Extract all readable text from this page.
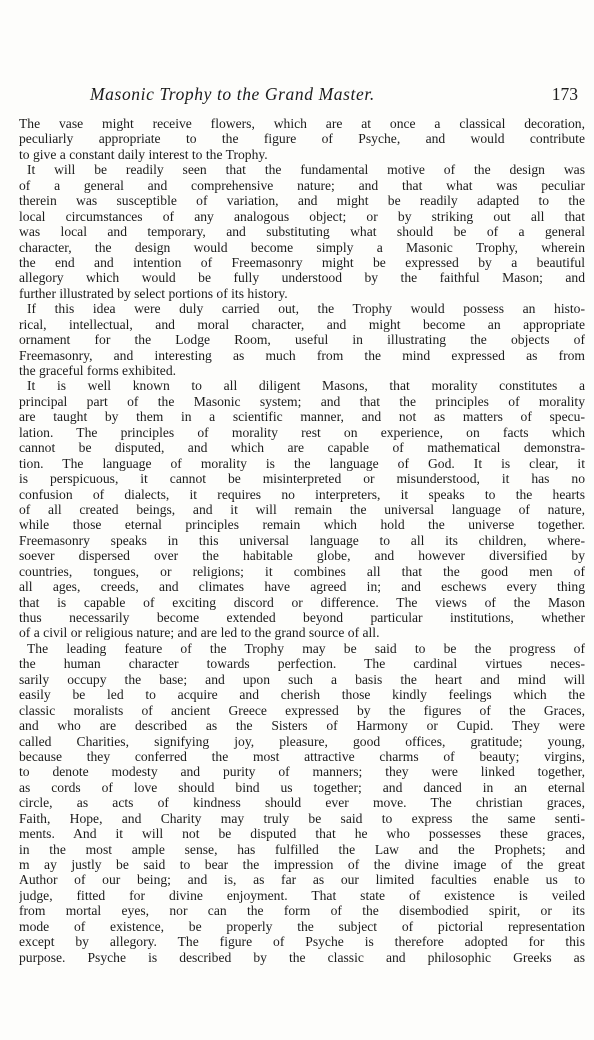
Masonic Trophy to the Grand Master.	173
The vase might receive flowers, which are at once a classical decoration,
peculiarly appropriate to the figure of Psyche, and would contribute
to give a constant daily interest to the Trophy.
It will be readily seen that the fundamental motive of the design was
of a general and comprehensive nature; and that what was peculiar
therein was susceptible of variation, and might be readily adapted to the
local circumstances of any analogous object; or by striking out all that
was local and temporary, and substituting what should be of a general
character, the design would become simply a Masonic Trophy, wherein
the end and intention of Freemasonry might be expressed by a beautiful
allegory which would be fully understood by the faithful Mason; and
further illustrated by select portions of its history.
If this idea were duly carried out, the Trophy would possess an histo-
rical, intellectual, and moral character, and might become an appropriate
ornament for the Lodge Room, useful in illustrating the objects of
Freemasonry, and interesting as much from the mind expressed as from
the graceful forms exhibited.
It is well known to all diligent Masons, that morality constitutes a
principal part of the Masonic system; and that the principles of morality
are taught by them in a scientific manner, and not as matters of specu-
lation. The principles of morality rest on experience, on facts which
cannot be disputed, and which are capable of mathematical demonstra-
tion. The language of morality is the language of God. It is clear, it
is perspicuous, it cannot be misinterpreted or misunderstood, it has no
confusion of dialects, it requires no interpreters, it speaks to the hearts
of all created beings, and it will remain the universal language of nature,
while those eternal principles remain which hold the universe together.
Freemasonry speaks in this universal language to all its children, where-
soever dispersed over the habitable globe, and however diversified by
countries, tongues, or religions; it combines all that the good men of
all ages, creeds, and climates have agreed in; and eschews every thing
that is capable of exciting discord or difference. The views of the Mason
thus necessarily become extended beyond particular institutions, whether
of a civil or religious nature; and are led to the grand source of all.
The leading feature of the Trophy may be said to be the progress of
the human character towards perfection. The cardinal virtues neces-
sarily occupy the base; and upon such a basis the heart and mind will
easily be led to acquire and cherish those kindly feelings which the
classic moralists of ancient Greece expressed by the figures of the Graces,
and who are described as the Sisters of Harmony or Cupid. They were
called Charities, signifying joy, pleasure, good offices, gratitude; young,
because they conferred the most attractive charms of beauty; virgins,
to denote modesty and purity of manners; they were linked together,
as cords of love should bind us together; and danced in an eternal
circle, as acts of kindness should ever move. The christian graces,
Faith, Hope, and Charity may truly be said to express the same senti-
ments. And it will not be disputed that he who possesses these graces,
in the most ample sense, has fulfilled the Law and the Prophets; and
m ay justly be said to bear the impression of the divine image of the great
Author of our being; and is, as far as our limited faculties enable us to
judge, fitted for divine enjoyment. That state of existence is veiled
from mortal eyes, nor can the form of the disembodied spirit, or its
mode of existence, be properly the subject of pictorial representation
except by allegory. The figure of Psyche is therefore adopted for this
purpose. Psyche is described by the classic and philosophic Greeks as
